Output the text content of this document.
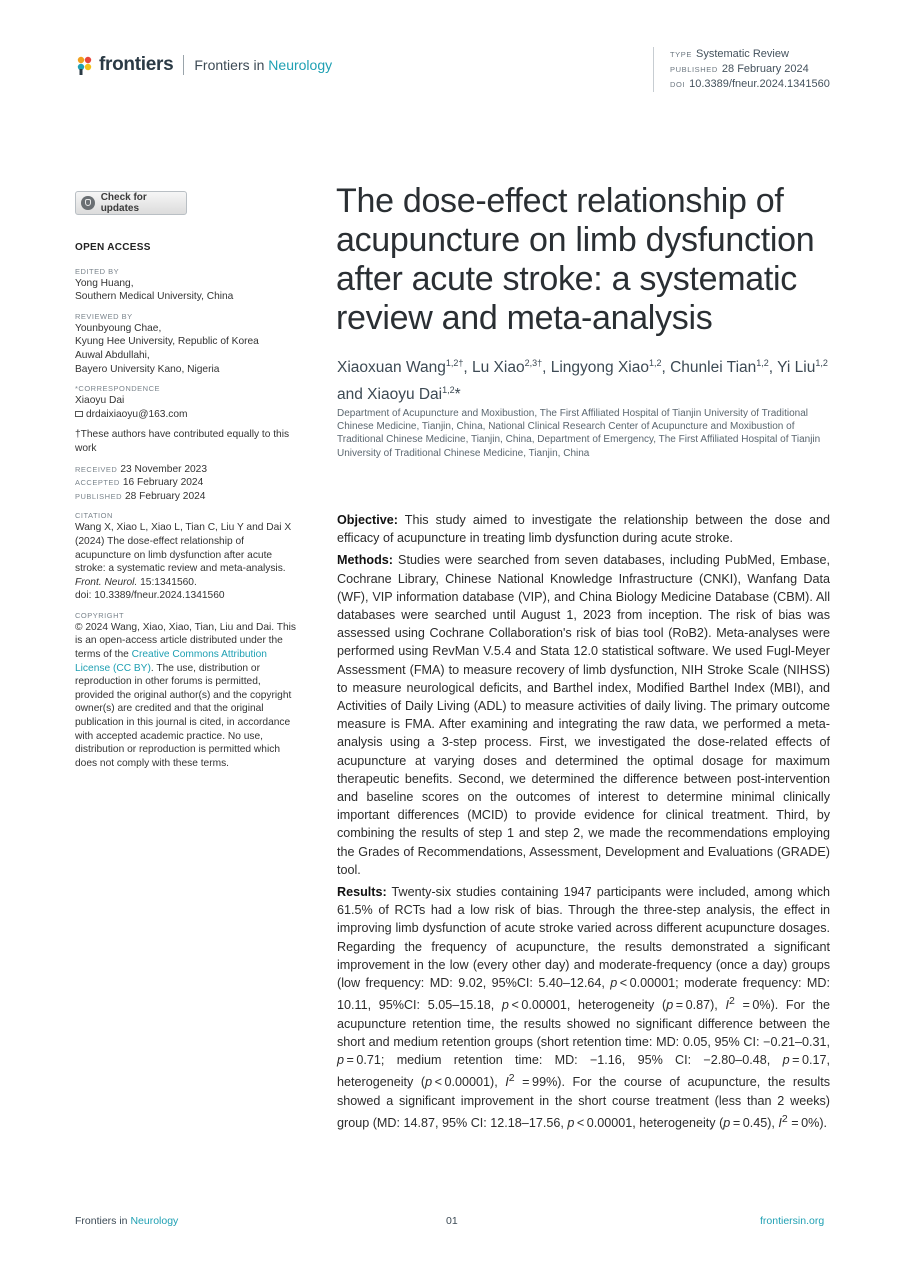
frontiers Frontiers in Neurology
TYPE Systematic Review
PUBLISHED 28 February 2024
DOI 10.3389/fneur.2024.1341560
Check for updates
OPEN ACCESS
EDITED BY
Yong Huang,
Southern Medical University, China
REVIEWED BY
Younbyoung Chae,
Kyung Hee University, Republic of Korea
Auwal Abdullahi,
Bayero University Kano, Nigeria
*CORRESPONDENCE
Xiaoyu Dai
drdaixiaoyu@163.com
†These authors have contributed equally to this work
RECEIVED 23 November 2023
ACCEPTED 16 February 2024
PUBLISHED 28 February 2024
CITATION
Wang X, Xiao L, Xiao L, Tian C, Liu Y and Dai X (2024) The dose-effect relationship of acupuncture on limb dysfunction after acute stroke: a systematic review and meta-analysis.
Front. Neurol. 15:1341560.
doi: 10.3389/fneur.2024.1341560
COPYRIGHT
© 2024 Wang, Xiao, Xiao, Tian, Liu and Dai. This is an open-access article distributed under the terms of the Creative Commons Attribution License (CC BY). The use, distribution or reproduction in other forums is permitted, provided the original author(s) and the copyright owner(s) are credited and that the original publication in this journal is cited, in accordance with accepted academic practice. No use, distribution or reproduction is permitted which does not comply with these terms.
The dose-effect relationship of acupuncture on limb dysfunction after acute stroke: a systematic review and meta-analysis
Xiaoxuan Wang$^{1,2\dagger}$, Lu Xiao$^{2,3\dagger}$, Lingyong Xiao$^{1,2}$, Chunlei Tian$^{1,2}$, Yi Liu$^{1,2}$ and Xiaoyu Dai$^{1,2}$*
Department of Acupuncture and Moxibustion, The First Affiliated Hospital of Tianjin University of Traditional Chinese Medicine, Tianjin, China, National Clinical Research Center of Acupuncture and Moxibustion of Traditional Chinese Medicine, Tianjin, China, Department of Emergency, The First Affiliated Hospital of Tianjin University of Traditional Chinese Medicine, Tianjin, China

Objective: This study aimed to investigate the relationship between the dose and efficacy of acupuncture in treating limb dysfunction during acute stroke.

Methods: Studies were searched from seven databases, including PubMed, Embase, Cochrane Library, Chinese National Knowledge Infrastructure (CNKI), Wanfang Data (WF), VIP information database (VIP), and China Biology Medicine Database (CBM). All databases were searched until August 1, 2023 from inception. The risk of bias was assessed using Cochrane Collaboration's risk of bias tool (RoB2). Meta-analyses were performed using RevMan V.5.4 and Stata 12.0 statistical software. We used Fugl-Meyer Assessment (FMA) to measure recovery of limb dysfunction, NIH Stroke Scale (NIHSS) to measure neurological deficits, and Barthel index, Modified Barthel Index (MBI), and Activities of Daily Living (ADL) to measure activities of daily living. The primary outcome measure is FMA. After examining and integrating the raw data, we performed a meta-analysis using a 3-step process. First, we investigated the dose-related effects of acupuncture at varying doses and determined the optimal dosage for maximum therapeutic benefits. Second, we determined the difference between post-intervention and baseline scores on the outcomes of interest to determine minimal clinically important differences (MCID) to provide evidence for clinical treatment. Third, by combining the results of step 1 and step 2, we made the recommendations employing the Grades of Recommendations, Assessment, Development and Evaluations (GRADE) tool.

Results: Twenty-six studies containing 1947 participants were included, among which 61.5% of RCTs had a low risk of bias. Through the three-step analysis, the effect in improving limb dysfunction of acute stroke varied across different acupuncture dosages. Regarding the frequency of acupuncture, the results demonstrated a significant improvement in the low (every other day) and moderate-frequency (once a day) groups (low frequency: MD: 9.02, 95%CI: 5.40–12.64, p < 0.00001; moderate frequency: MD: 10.11, 95%CI: 5.05–15.18, p < 0.00001, heterogeneity (p = 0.87), $I^2 = 0\%$). For the acupuncture retention time, the results showed no significant difference between the short and medium retention groups (short retention time: MD: 0.05, 95% CI: −0.21–0.31, p = 0.71; medium retention time: MD: −1.16, 95% CI: −2.80–0.48, p = 0.17, heterogeneity (p < 0.00001), $I^2 = 99\%$). For the course of acupuncture, the results showed a significant improvement in the short course treatment (less than 2 weeks) group (MD: 14.87, 95% CI: 12.18–17.56, p < 0.00001, heterogeneity (p = 0.45), $I^2 = 0\%$).

Frontiers in Neurology	01	frontiersin.org
